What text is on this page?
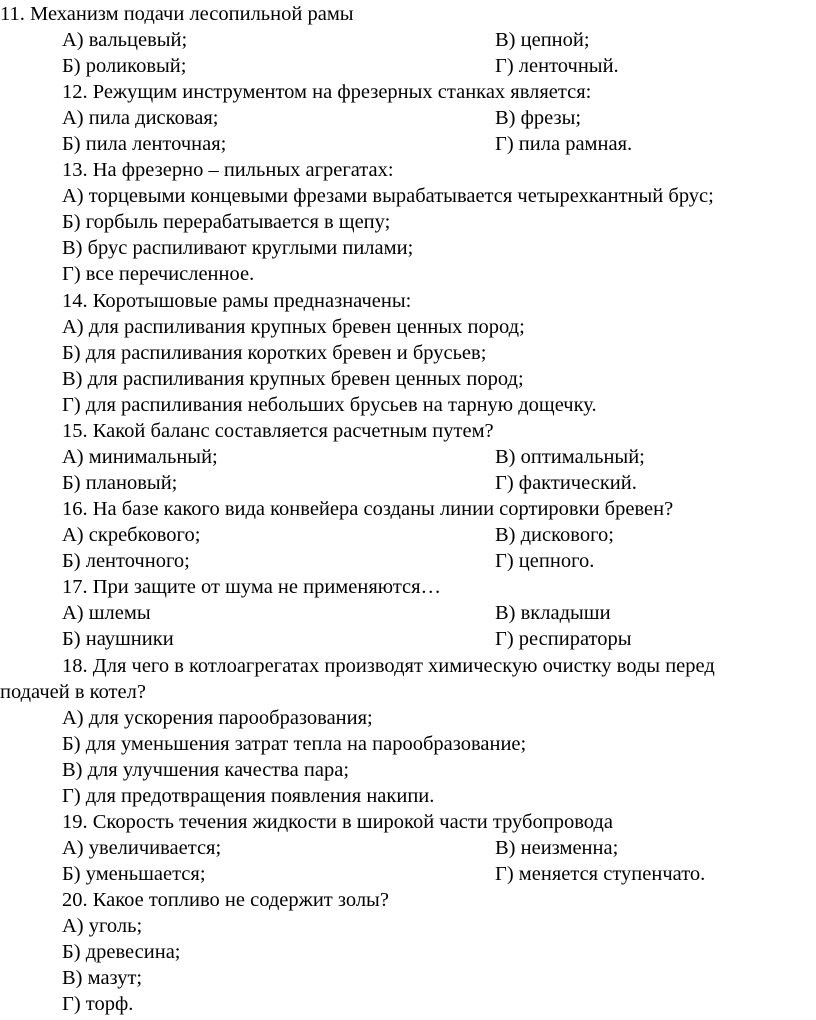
11. Механизм подачи лесопильной рамы
А) вальцевый;	В) цепной;
Б) роликовый;	Г) ленточный.
12. Режущим инструментом на фрезерных станках является:
А) пила дисковая;	В) фрезы;
Б) пила ленточная;	Г) пила рамная.
13. На фрезерно – пильных агрегатах:
А) торцевыми концевыми фрезами вырабатывается четырехкантный брус;
Б) горбыль перерабатывается в щепу;
В) брус распиливают круглыми пилами;
Г) все перечисленное.
14. Коротышовые рамы предназначены:
А) для распиливания крупных бревен ценных пород;
Б) для распиливания коротких бревен и брусьев;
В) для распиливания крупных бревен ценных пород;
Г) для распиливания небольших брусьев на тарную дощечку.
15. Какой баланс составляется расчетным путем?
А) минимальный;	В) оптимальный;
Б) плановый;	Г) фактический.
16. На базе какого вида конвейера созданы линии сортировки бревен?
А) скребкового;	В) дискового;
Б) ленточного;	Г) цепного.
17. При защите от шума не применяются…
А) шлемы	В) вкладыши
Б) наушники	Г) респираторы
18. Для чего в котлоагрегатах производят химическую очистку воды перед
подачей в котел?
А) для ускорения парообразования;
Б) для уменьшения затрат тепла на парообразование;
В) для улучшения качества пара;
Г) для предотвращения появления накипи.
19. Скорость течения жидкости в широкой части трубопровода
А) увеличивается;	В) неизменна;
Б) уменьшается;	Г) меняется ступенчато.
20. Какое топливо не содержит золы?
А) уголь;
Б) древесина;
В) мазут;
Г) торф.
